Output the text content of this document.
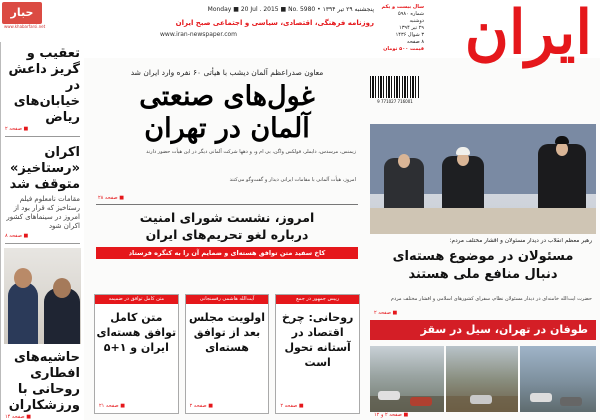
ایران
سال بیست و یکم
شماره ۵۹۸۰
دوشنبه
۲۹ تیر ۱۳۹۴
۳ شوال ۱۴۳۶
۸ صفحه
قیمت ۵۰۰ تومان
پنجشنبه ۲۹ تیر ۱۳۹۴ • Monday ■ 20 Jul . 2015 ■ No. 5980
روزنامه فرهنگی، اقتصادی، سیاسی و اجتماعی صبح ایران
www.iran-newspaper.com
حبار
www.khabarfarsi.net
9 771027 716001
تعقیب و گریز داعش در خیابان‌های ریاض
■ صفحه ۲
اکران «رستاخیز» متوقف شد
مقامات نامعلوم فیلم رستاخیز که قرار بود از امروز در سینماهای کشور اکران شود
■ صفحه ۸
حاشیه‌های افطاری روحانی با ورزشکاران
■ صفحه ۱۴
معاون صدراعظم آلمان دیشب با هیأتی ۶۰ نفره وارد ایران شد
غول‌های صنعتی
آلمان در تهران
زیمنس، مرسدس، دایملر، فولکس واگن، بی ام و، و دهها شرکت آلمانی دیگر در این هیأت حضور دارند
امروز، هیأت آلمانی با مقامات ایرانی دیدار و گفت‌وگو می‌کنند
■ صفحه ۲۸
امروز، نشست شورای امنیت
درباره لغو تحریم‌های ایران
کاخ سفید متن توافق هسته‌ای و ضمایم آن را به کنگره فرستاد
رییس جمهور در جمع
روحانی: چرخ اقتصاد در آستانه تحول است
■ صفحه ۲
آیت‌الله هاشمی رفسنجانی
اولویت مجلس بعد از توافق هسته‌ای
■ صفحه ۲
متن کامل توافق در ضمیمه
متن کامل توافق هسته‌ای ایران و ۱+۵
■ صفحه ۲۱
رهبر معظم انقلاب در دیدار مسئولان و اقشار مختلف مردم:
مسئولان در موضوع هسته‌ای
دنبال منافع ملی هستند
حضرت آیت‌الله خامنه‌ای در دیدار مسئولان نظام، سفرای کشورهای اسلامی و اقشار مختلف مردم
■ صفحه ۲
طوفان در تهران، سیل در سقز
■ صفحه ۲ و ۱۲
